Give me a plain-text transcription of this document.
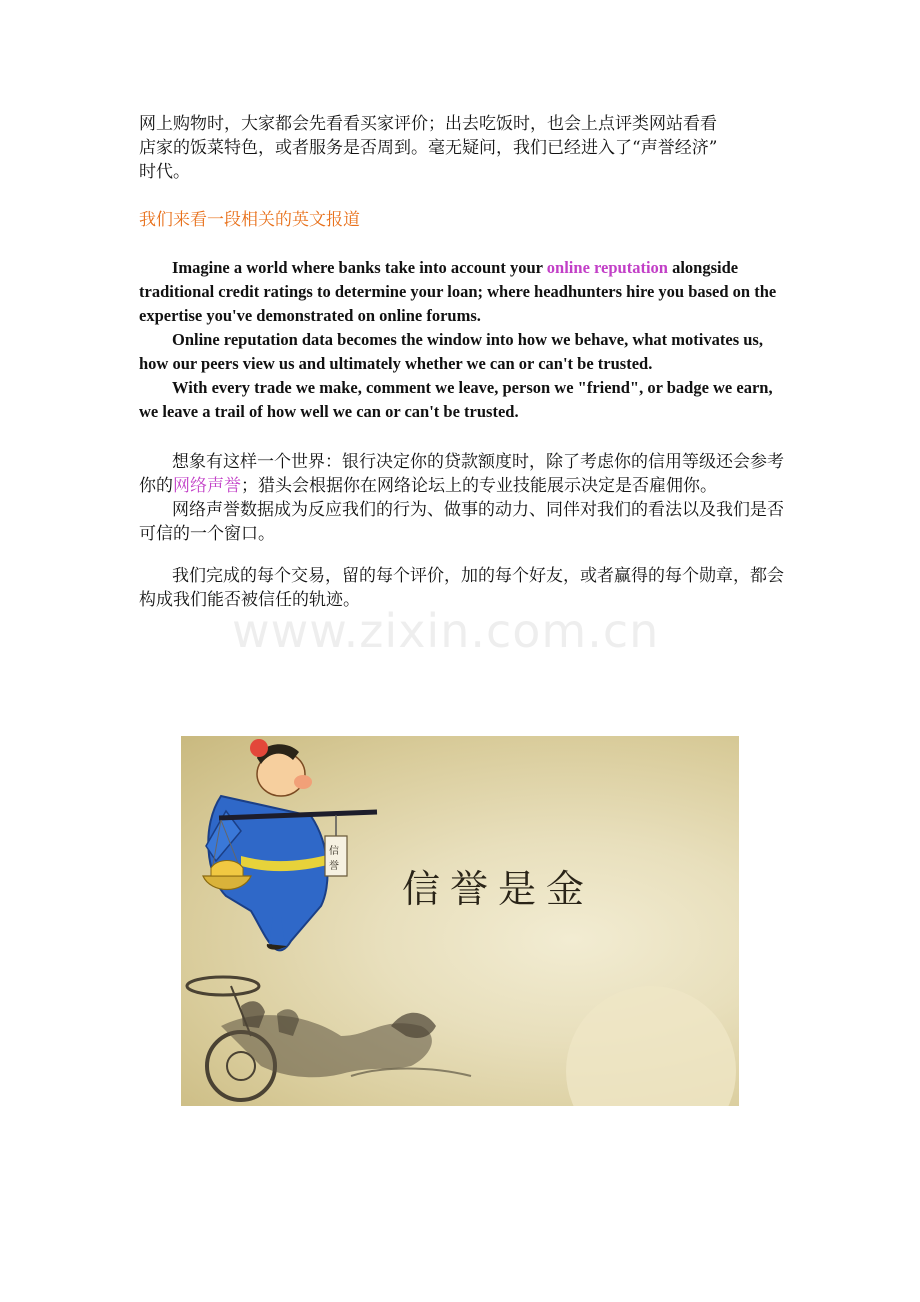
网上购物时，大家都会先看看买家评价；出去吃饭时，也会上点评类网站看看
店家的饭菜特色，或者服务是否周到。毫无疑问，我们已经进入了“声誉经济”
时代。

我们来看一段相关的英文报道

Imagine a world where banks take into account your online reputation alongside traditional credit ratings to determine your loan; where headhunters hire you based on the expertise you've demonstrated on online forums.

Online reputation data becomes the window into how we behave, what motivates us, how our peers view us and ultimately whether we can or can't be trusted.

With every trade we make, comment we leave, person we "friend", or badge we earn, we leave a trail of how well we can or can't be trusted.

想象有这样一个世界：银行决定你的贷款额度时，除了考虑你的信用等级还会参考你的网络声誉；猎头会根据你在网络论坛上的专业技能展示决定是否雇佣你。

网络声誉数据成为反应我们的行为、做事的动力、同伴对我们的看法以及我们是否可信的一个窗口。

我们完成的每个交易，留的每个评价，加的每个好友，或者赢得的每个勋章，都会构成我们能否被信任的轨迹。

www.zixin.com.cn
信
誉
信誉是金
